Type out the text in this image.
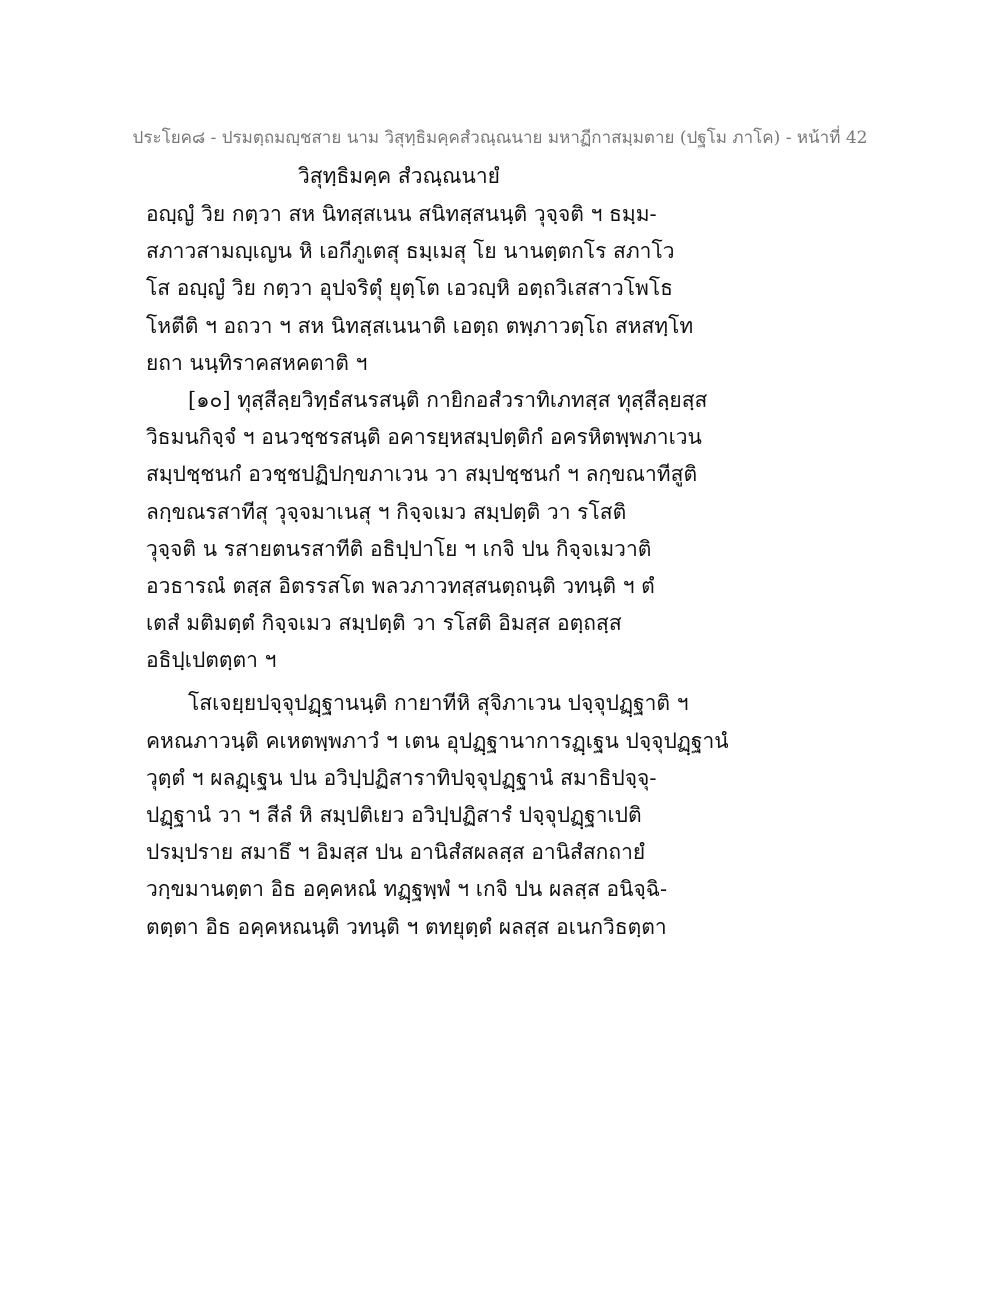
ประโยค๘ - ปรมตฺถมญฺชสาย นาม วิสุทฺธิมคฺคสํวณฺณนาย มหาฏีกาสมฺมตาย (ปฐโม ภาโค) - หน้าที่ 42
วิสุทฺธิมคฺค สํวณฺณนายํ
อญฺญํ วิย กตฺวา สห นิทสฺสเนน สนิทสฺสนนฺติ วุจฺจติ ฯ ธมฺม-
สภาวสามญฺเญน หิ เอกีภูเตสุ ธมฺเมสุ โย นานตฺตกโร สภาโว
โส อญฺญํ วิย กตฺวา อุปจริตุํ ยุตฺโต เอวญฺหิ อตฺถวิเสสาวโพโธ
โหตีติ ฯ อถวา ฯ สห นิทสฺสเนนาติ เอตฺถ ตพฺภาวตฺโถ สหสทฺโท
ยถา นนฺทิราคสหคตาติ ฯ
[๑๐] ทุสฺสีลฺยวิทฺธํสนรสนฺติ กายิกอสํวราทิเภทสฺส ทุสฺสีลฺยสฺส
วิธมนกิจฺจํ ฯ อนวชฺชรสนฺติ อคารยฺหสมฺปตฺติกํ อครหิตพฺพภาเวน
สมฺปชฺชนกํ อวชฺชปฏิปกฺขภาเวน วา สมฺปชฺชนกํ ฯ ลกฺขณาทีสูติ
ลกฺขณรสาทีสุ วุจฺจมาเนสุ ฯ กิจฺจเมว สมฺปตฺติ วา รโสติ
วุจฺจติ น รสายตนรสาทีติ อธิปฺปาโย ฯ เกจิ ปน กิจฺจเมวาติ
อวธารณํ ตสฺส อิตรรสโต พลวภาวทสฺสนตฺถนฺติ วทนฺติ ฯ ตํ
เตสํ มติมตฺตํ กิจฺจเมว สมฺปตฺติ วา รโสติ อิมสฺส อตฺถสฺส
อธิปฺเปตตฺตา ฯ
โสเจยฺยปจฺจุปฏฺฐานนฺติ กายาทีหิ สุจิภาเวน ปจฺจุปฏฺฐาติ ฯ
คหณภาวนฺติ คเหตพฺพภาวํ ฯ เตน อุปฏฺฐานาการฏฺเฐน ปจฺจุปฏฺฐานํ
วุตฺตํ ฯ ผลฏฺเฐน ปน อวิปฺปฏิสาราทิปจฺจุปฏฺฐานํ สมาธิปจฺจุ-
ปฏฺฐานํ วา ฯ สีลํ หิ สมฺปติเยว อวิปฺปฏิสารํ ปจฺจุปฏฺฐาเปติ
ปรมฺปราย สมาธึ ฯ อิมสฺส ปน อานิสํสผลสฺส อานิสํสกถายํ
วกฺขมานตฺตา อิธ อคฺคหณํ ทฏฺฐพฺพํ ฯ เกจิ ปน ผลสฺส อนิจฺฉิ-
ตตฺตา อิธ อคฺคหณนฺติ วทนฺติ ฯ ตทยุตฺตํ ผลสฺส อเนกวิธตฺตา
